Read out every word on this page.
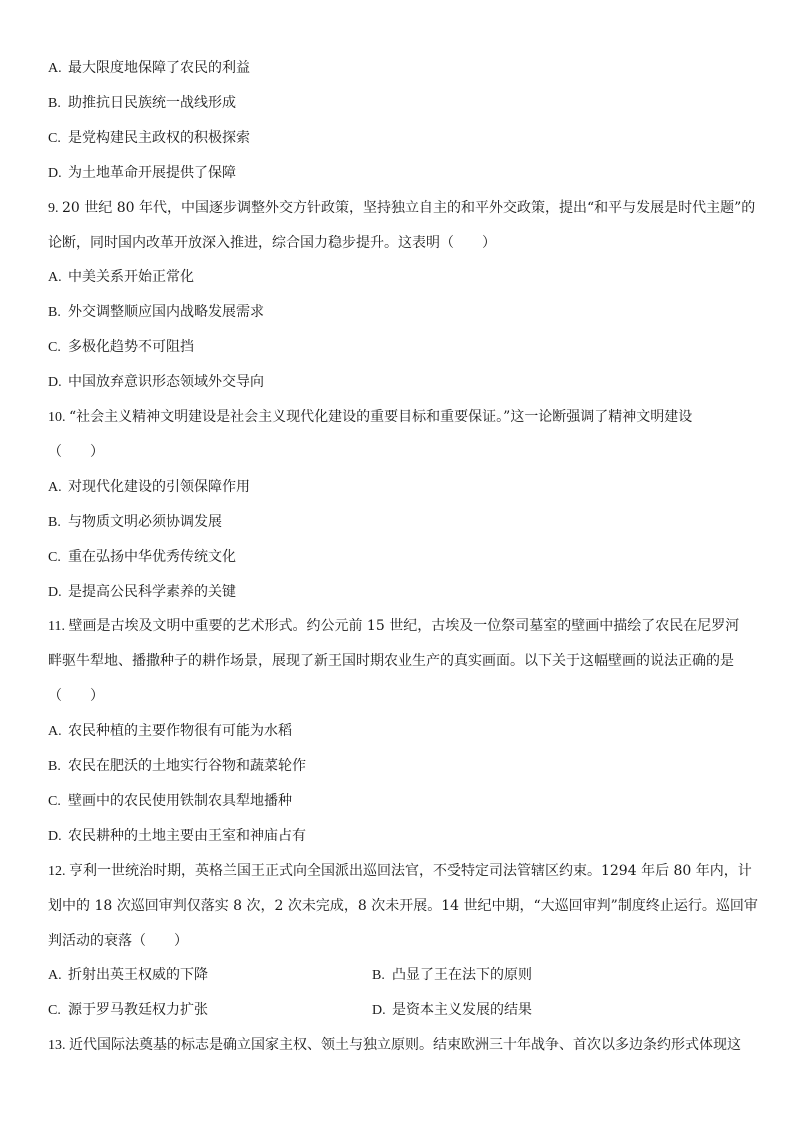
A. 最大限度地保障了农民的利益
B. 助推抗日民族统一战线形成
C. 是党构建民主政权的积极探索
D. 为土地革命开展提供了保障
9. 20 世纪 80 年代，中国逐步调整外交方针政策，坚持独立自主的和平外交政策，提出“和平与发展是时代主题”的
论断，同时国内改革开放深入推进，综合国力稳步提升。这表明（　　）
A. 中美关系开始正常化
B. 外交调整顺应国内战略发展需求
C. 多极化趋势不可阻挡
D. 中国放弃意识形态领域外交导向
10. “社会主义精神文明建设是社会主义现代化建设的重要目标和重要保证。”这一论断强调了精神文明建设
（　　）
A. 对现代化建设的引领保障作用
B. 与物质文明必须协调发展
C. 重在弘扬中华优秀传统文化
D. 是提高公民科学素养的关键
11. 壁画是古埃及文明中重要的艺术形式。约公元前 15 世纪，古埃及一位祭司墓室的壁画中描绘了农民在尼罗河
畔驱牛犁地、播撒种子的耕作场景，展现了新王国时期农业生产的真实画面。以下关于这幅壁画的说法正确的是
（　　）
A. 农民种植的主要作物很有可能为水稻
B. 农民在肥沃的土地实行谷物和蔬菜轮作
C. 壁画中的农民使用铁制农具犁地播种
D. 农民耕种的土地主要由王室和神庙占有
12. 亨利一世统治时期，英格兰国王正式向全国派出巡回法官，不受特定司法管辖区约束。1294 年后 80 年内，计
划中的 18 次巡回审判仅落实 8 次，2 次未完成，8 次未开展。14 世纪中期，“大巡回审判”制度终止运行。巡回审
判活动的衰落（　　）
A. 折射出英王权威的下降	B. 凸显了王在法下的原则
C. 源于罗马教廷权力扩张	D. 是资本主义发展的结果
13. 近代国际法奠基的标志是确立国家主权、领土与独立原则。结束欧洲三十年战争、首次以多边条约形式体现这
